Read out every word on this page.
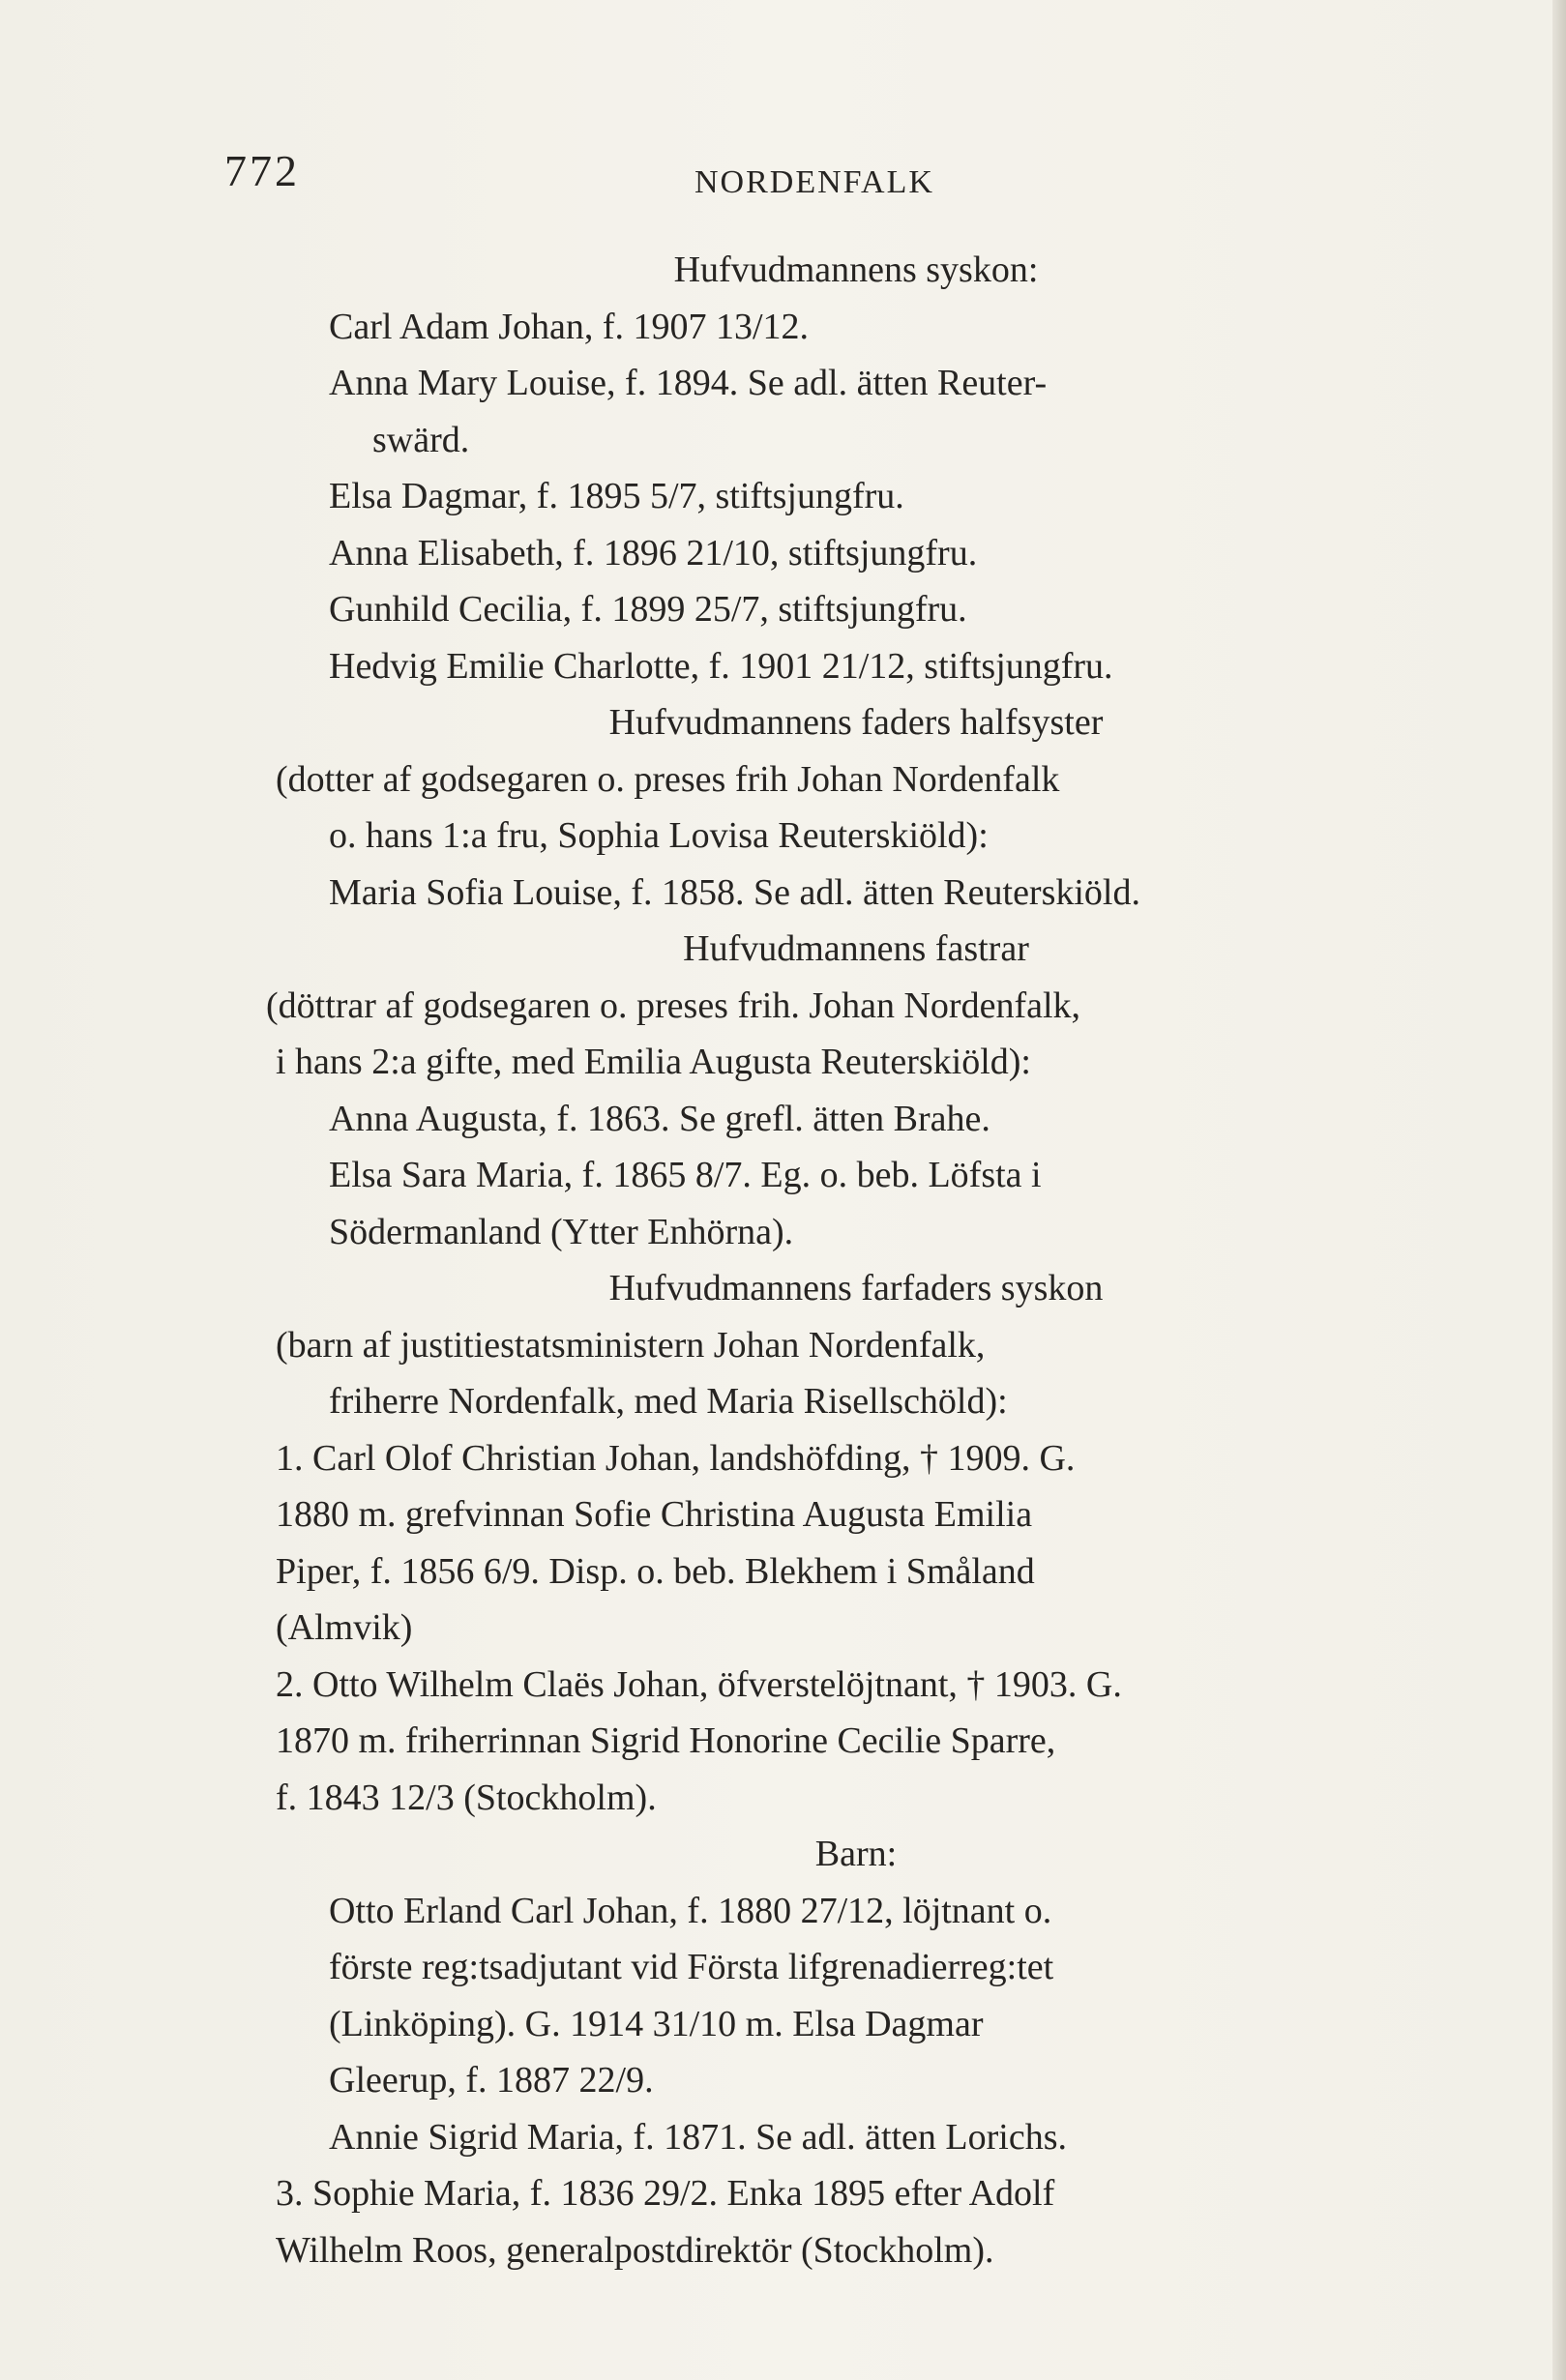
772	NORDENFALK
Hufvudmannens syskon:
Carl Adam Johan, f. 1907 13/12.
Anna Mary Louise, f. 1894. Se adl. ätten Reuter-
swärd.
Elsa Dagmar, f. 1895 5/7, stiftsjungfru.
Anna Elisabeth, f. 1896 21/10, stiftsjungfru.
Gunhild Cecilia, f. 1899 25/7, stiftsjungfru.
Hedvig Emilie Charlotte, f. 1901 21/12, stiftsjungfru.
Hufvudmannens faders halfsyster
(dotter af godsegaren o. preses frih Johan Nordenfalk
o. hans 1:a fru, Sophia Lovisa Reuterskiöld):
Maria Sofia Louise, f. 1858. Se adl. ätten Reuterskiöld.
Hufvudmannens fastrar
(döttrar af godsegaren o. preses frih. Johan Nordenfalk,
i hans 2:a gifte, med Emilia Augusta Reuterskiöld):
Anna Augusta, f. 1863. Se grefl. ätten Brahe.
Elsa Sara Maria, f. 1865 8/7. Eg. o. beb. Löfsta i
Södermanland (Ytter Enhörna).
Hufvudmannens farfaders syskon
(barn af justitiestatsministern Johan Nordenfalk,
friherre Nordenfalk, med Maria Risellschöld):
1. Carl Olof Christian Johan, landshöfding, † 1909. G.
1880 m. grefvinnan Sofie Christina Augusta Emilia
Piper, f. 1856 6/9. Disp. o. beb. Blekhem i Småland
(Almvik)
2. Otto Wilhelm Claës Johan, öfverstelöjtnant, † 1903. G.
1870 m. friherrinnan Sigrid Honorine Cecilie Sparre,
f. 1843 12/3 (Stockholm).
Barn:
Otto Erland Carl Johan, f. 1880 27/12, löjtnant o.
förste reg:tsadjutant vid Första lifgrenadierreg:tet
(Linköping). G. 1914 31/10 m. Elsa Dagmar
Gleerup, f. 1887 22/9.
Annie Sigrid Maria, f. 1871. Se adl. ätten Lorichs.
3. Sophie Maria, f. 1836 29/2. Enka 1895 efter Adolf
Wilhelm Roos, generalpostdirektör (Stockholm).
